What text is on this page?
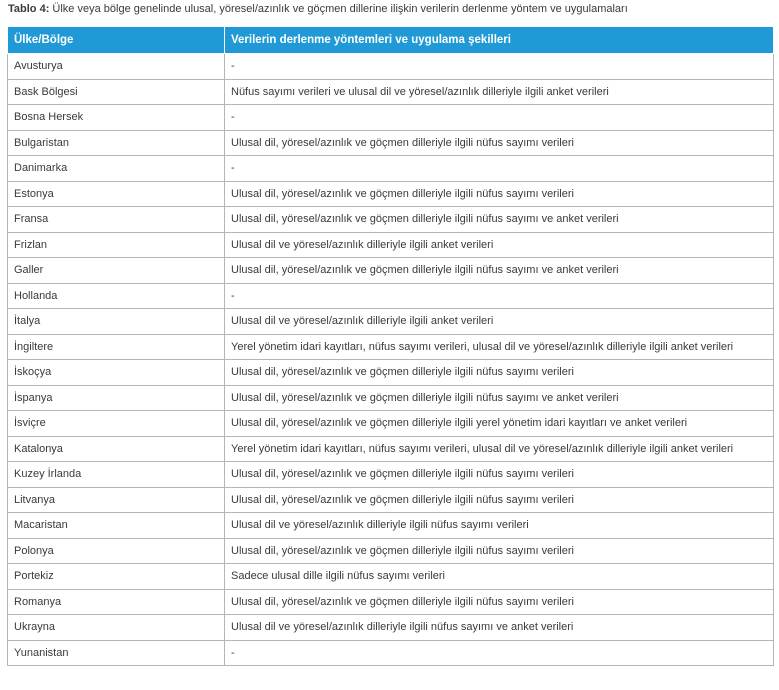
Tablo 4: Ülke veya bölge genelinde ulusal, yöresel/azınlık ve göçmen dillerine ilişkin verilerin derlenme yöntem ve uygulamaları
Ülke/Bölge	Verilerin derlenme yöntemleri ve uygulama şekilleri
Avusturya	-
Bask Bölgesi	Nüfus sayımı verileri ve ulusal dil ve yöresel/azınlık dilleriyle ilgili anket verileri
Bosna Hersek	-
Bulgaristan	Ulusal dil, yöresel/azınlık ve göçmen dilleriyle ilgili nüfus sayımı verileri
Danimarka	-
Estonya	Ulusal dil, yöresel/azınlık ve göçmen dilleriyle ilgili nüfus sayımı verileri
Fransa	Ulusal dil, yöresel/azınlık ve göçmen dilleriyle ilgili nüfus sayımı ve anket verileri
Frizlan	Ulusal dil ve yöresel/azınlık dilleriyle ilgili anket verileri
Galler	Ulusal dil, yöresel/azınlık ve göçmen dilleriyle ilgili nüfus sayımı ve anket verileri
Hollanda	-
İtalya	Ulusal dil ve yöresel/azınlık dilleriyle ilgili anket verileri
İngiltere	Yerel yönetim idari kayıtları, nüfus sayımı verileri, ulusal dil ve yöresel/azınlık dilleriyle ilgili anket verileri
İskoçya	Ulusal dil, yöresel/azınlık ve göçmen dilleriyle ilgili nüfus sayımı verileri
İspanya	Ulusal dil, yöresel/azınlık ve göçmen dilleriyle ilgili nüfus sayımı ve anket verileri
İsviçre	Ulusal dil, yöresel/azınlık ve göçmen dilleriyle ilgili yerel yönetim idari kayıtları ve anket verileri
Katalonya	Yerel yönetim idari kayıtları, nüfus sayımı verileri, ulusal dil ve yöresel/azınlık dilleriyle ilgili anket verileri
Kuzey İrlanda	Ulusal dil, yöresel/azınlık ve göçmen dilleriyle ilgili nüfus sayımı verileri
Litvanya	Ulusal dil, yöresel/azınlık ve göçmen dilleriyle ilgili nüfus sayımı verileri
Macaristan	Ulusal dil ve yöresel/azınlık dilleriyle ilgili nüfus sayımı verileri
Polonya	Ulusal dil, yöresel/azınlık ve göçmen dilleriyle ilgili nüfus sayımı verileri
Portekiz	Sadece ulusal dille ilgili nüfus sayımı verileri
Romanya	Ulusal dil, yöresel/azınlık ve göçmen dilleriyle ilgili nüfus sayımı verileri
Ukrayna	Ulusal dil ve yöresel/azınlık dilleriyle ilgili nüfus sayımı ve anket verileri
Yunanistan	-
